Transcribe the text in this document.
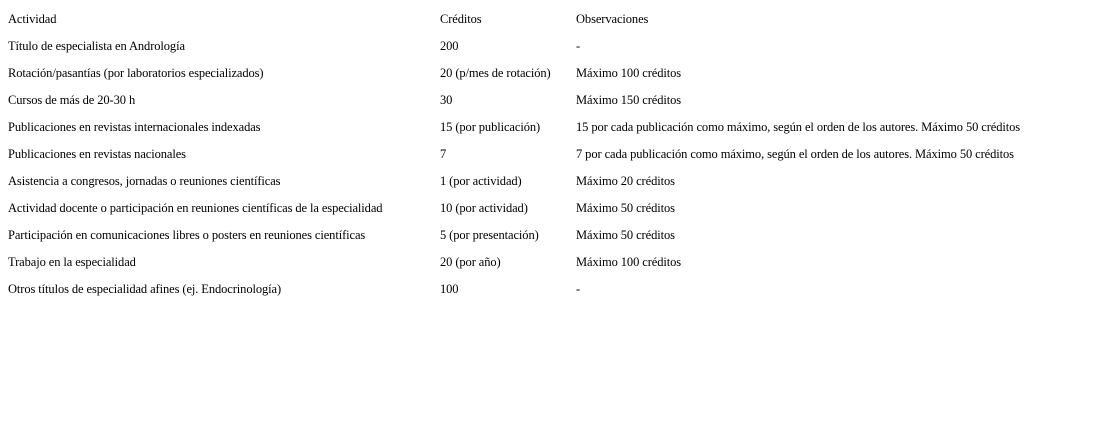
Actividad	Créditos	Observaciones
Título de especialista en Andrología	200	-
Rotación/pasantías (por laboratorios especializados)	20 (p/mes de rotación)	Máximo 100 créditos
Cursos de más de 20-30 h	30	Máximo 150 créditos
Publicaciones en revistas internacionales indexadas	15 (por publicación)	15 por cada publicación como máximo, según el orden de los autores. Máximo 50 créditos
Publicaciones en revistas nacionales	7	7 por cada publicación como máximo, según el orden de los autores. Máximo 50 créditos
Asistencia a congresos, jornadas o reuniones científicas	1 (por actividad)	Máximo 20 créditos
Actividad docente o participación en reuniones científicas de la especialidad	10 (por actividad)	Máximo 50 créditos
Participación en comunicaciones libres o posters en reuniones científicas	5 (por presentación)	Máximo 50 créditos
Trabajo en la especialidad	20 (por año)	Máximo 100 créditos
Otros títulos de especialidad afines (ej. Endocrinología)	100	-
